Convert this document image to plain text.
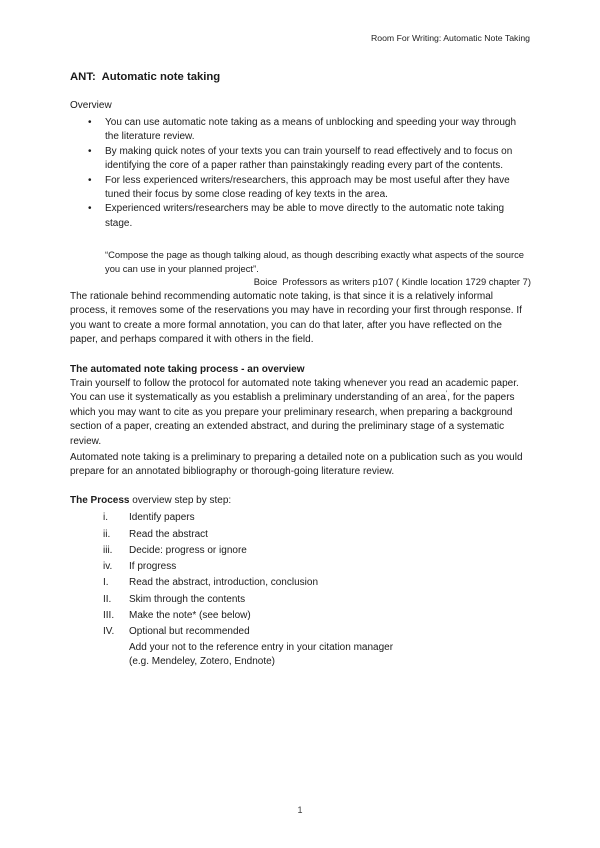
Room For Writing: Automatic Note Taking
ANT:  Automatic note taking
Overview
•	You can use automatic note taking as a means of unblocking and speeding your way through the literature review.
•	By making quick notes of your texts you can train yourself to read effectively and to focus on identifying the core of a paper rather than painstakingly reading every part of the contents.
•	For less experienced writers/researchers, this approach may be most useful after they have tuned their focus by some close reading of key texts in the area.
•	Experienced writers/researchers may be able to move directly to the automatic note taking stage.
“Compose the page as though talking aloud, as though describing exactly what aspects of the source you can use in your planned project”.
Boice  Professors as writers p107 ( Kindle location 1729 chapter 7)

The rationale behind recommending automatic note taking, is that since it is a relatively informal process, it removes some of the reservations you may have in recording your first through response. If you want to create a more formal annotation, you can do that later, after you have reflected on the paper, and perhaps compared it with others in the field.

The automated note taking process - an overview

Train yourself to follow the protocol for automated note taking whenever you read an academic paper. You can use it systematically as you establish a preliminary understanding of an area', for the papers which you may want to cite as you prepare your preliminary research, when preparing a background section of a paper, creating an extended abstract, and during the preliminary stage of a systematic review.

Automated note taking is a preliminary to preparing a detailed note on a publication such as you would prepare for an annotated bibliography or thorough-going literature review.

The Process overview step by step:
i.	Identify papers
ii.	Read the abstract
iii.	Decide: progress or ignore
iv.	If progress
I.	Read the abstract, introduction, conclusion
II.	Skim through the contents
III.	Make the note* (see below)
IV.	Optional but recommended
Add your not to the reference entry in your citation manager
(e.g. Mendeley, Zotero, Endnote)
1
